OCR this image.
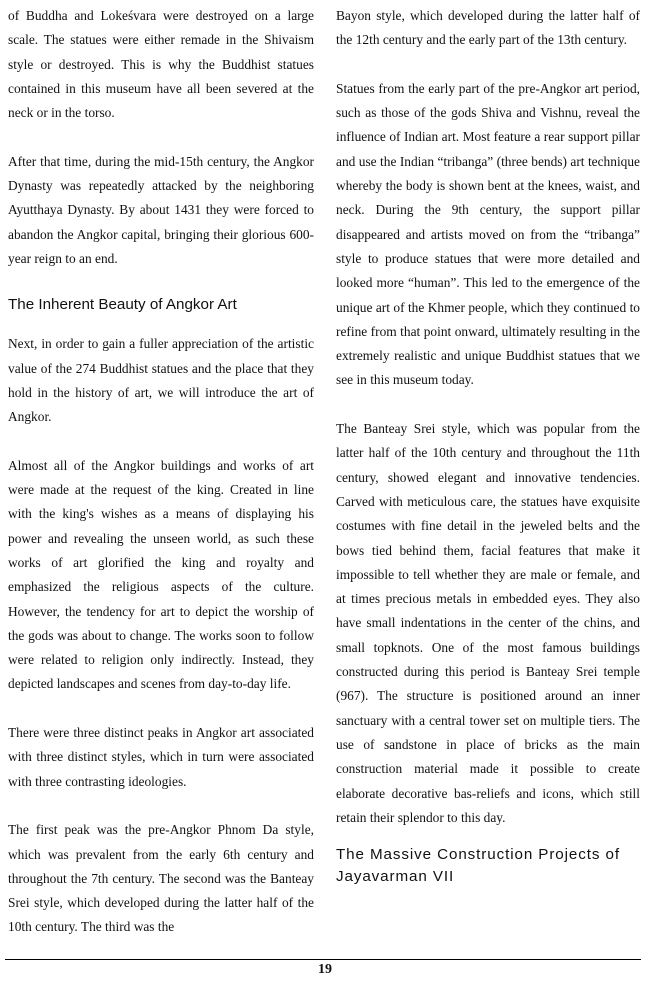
of Buddha and Lokeśvara were destroyed on a large scale. The statues were either remade in the Shivaism style or destroyed. This is why the Buddhist statues contained in this museum have all been severed at the neck or in the torso.

After that time, during the mid-15th century, the Angkor Dynasty was repeatedly attacked by the neighboring Ayutthaya Dynasty. By about 1431 they were forced to abandon the Angkor capital, bringing their glorious 600-year reign to an end.

The Inherent Beauty of Angkor Art

Next, in order to gain a fuller appreciation of the artistic value of the 274 Buddhist statues and the place that they hold in the history of art, we will introduce the art of Angkor.

Almost all of the Angkor buildings and works of art were made at the request of the king. Created in line with the king's wishes as a means of displaying his power and revealing the unseen world, as such these works of art glorified the king and royalty and emphasized the religious aspects of the culture. However, the tendency for art to depict the worship of the gods was about to change. The works soon to follow were related to religion only indirectly. Instead, they depicted landscapes and scenes from day-to-day life.

There were three distinct peaks in Angkor art associated with three distinct styles, which in turn were associated with three contrasting ideologies.

The first peak was the pre-Angkor Phnom Da style, which was prevalent from the early 6th century and throughout the 7th century. The second was the Banteay Srei style, which developed during the latter half of the 10th century. The third was the

Bayon style, which developed during the latter half of the 12th century and the early part of the 13th century.

Statues from the early part of the pre-Angkor art period, such as those of the gods Shiva and Vishnu, reveal the influence of Indian art. Most feature a rear support pillar and use the Indian “tribanga” (three bends) art technique whereby the body is shown bent at the knees, waist, and neck. During the 9th century, the support pillar disappeared and artists moved on from the “tribanga” style to produce statues that were more detailed and looked more “human”. This led to the emergence of the unique art of the Khmer people, which they continued to refine from that point onward, ultimately resulting in the extremely realistic and unique Buddhist statues that we see in this museum today.

The Banteay Srei style, which was popular from the latter half of the 10th century and throughout the 11th century, showed elegant and innovative tendencies. Carved with meticulous care, the statues have exquisite costumes with fine detail in the jeweled belts and the bows tied behind them, facial features that make it impossible to tell whether they are male or female, and at times precious metals in embedded eyes. They also have small indentations in the center of the chins, and small topknots. One of the most famous buildings constructed during this period is Banteay Srei temple (967). The structure is positioned around an inner sanctuary with a central tower set on multiple tiers. The use of sandstone in place of bricks as the main construction material made it possible to create elaborate decorative bas-reliefs and icons, which still retain their splendor to this day.

The Massive Construction Projects of Jayavarman VII
19
